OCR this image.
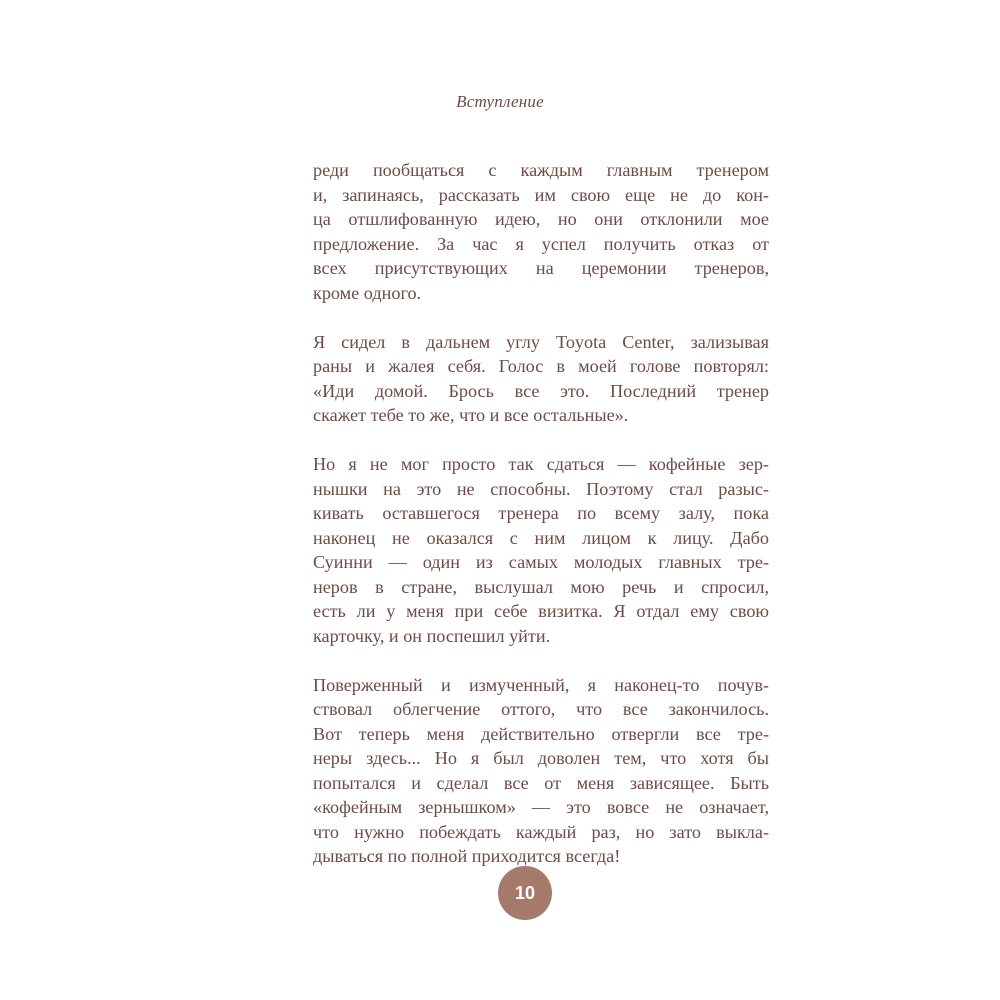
Вступление
реди пообщаться с каждым главным тренером
и, запинаясь, рассказать им свою еще не до кон-
ца отшлифованную идею, но они отклонили мое
предложение. За час я успел получить отказ от
всех присутствующих на церемонии тренеров,
кроме одного.
Я сидел в дальнем углу Toyota Center, зализывая
раны и жалея себя. Голос в моей голове повторял:
«Иди домой. Брось все это. Последний тренер
скажет тебе то же, что и все остальные».
Но я не мог просто так сдаться — кофейные зер-
нышки на это не способны. Поэтому стал разыс-
кивать оставшегося тренера по всему залу, пока
наконец не оказался с ним лицом к лицу. Дабо
Суинни — один из самых молодых главных тре-
неров в стране, выслушал мою речь и спросил,
есть ли у меня при себе визитка. Я отдал ему свою
карточку, и он поспешил уйти.
Поверженный и измученный, я наконец-то почув-
ствовал облегчение оттого, что все закончилось.
Вот теперь меня действительно отвергли все тре-
неры здесь... Но я был доволен тем, что хотя бы
попытался и сделал все от меня зависящее. Быть
«кофейным зернышком» — это вовсе не означает,
что нужно побеждать каждый раз, но зато выкла-
дываться по полной приходится всегда!
10
